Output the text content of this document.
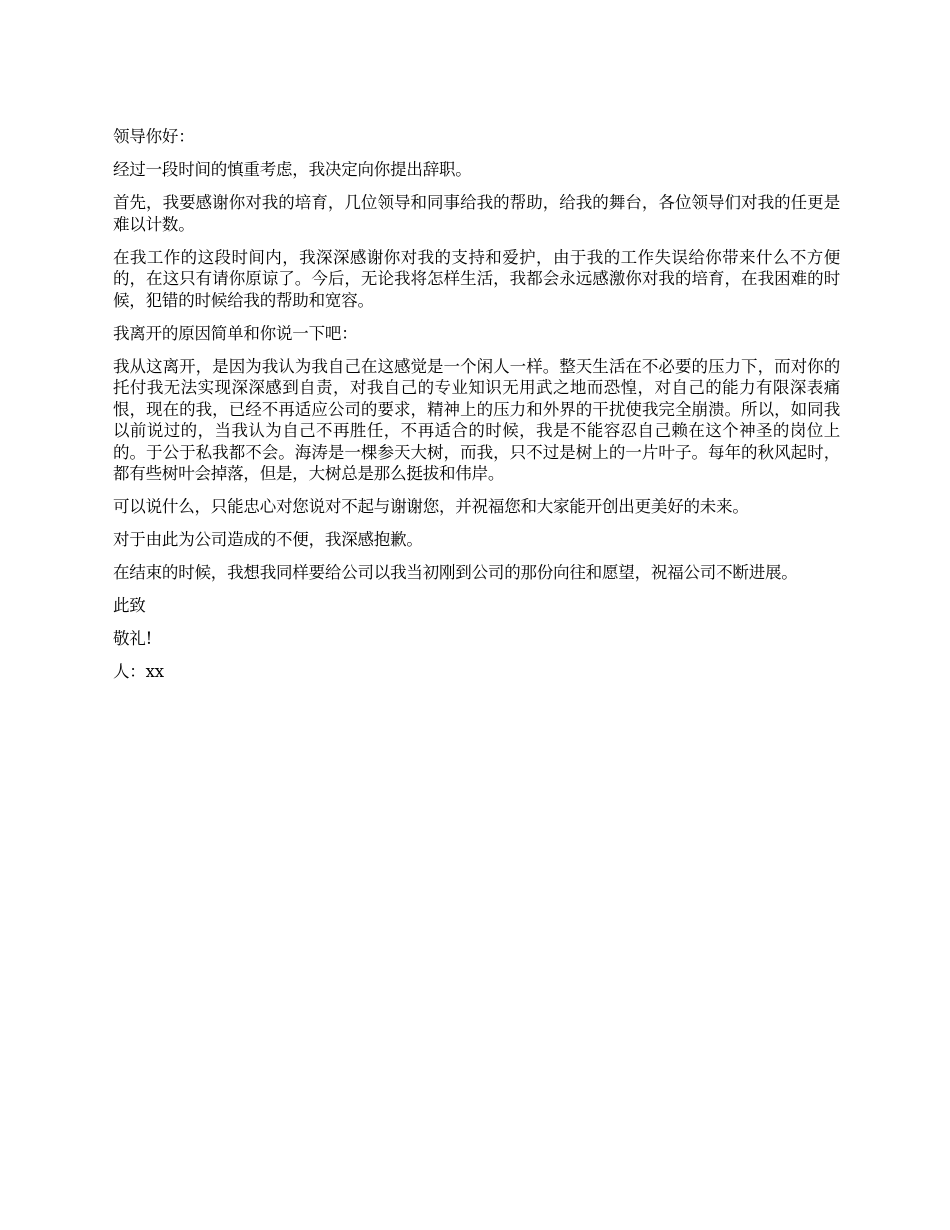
领导你好：

经过一段时间的慎重考虑，我决定向你提出辞职。

首先，我要感谢你对我的培育，几位领导和同事给我的帮助，给我的舞台，各位领导们对我的任更是难以计数。

在我工作的这段时间内，我深深感谢你对我的支持和爱护，由于我的工作失误给你带来什么不方便的，在这只有请你原谅了。今后，无论我将怎样生活，我都会永远感激你对我的培育，在我困难的时候，犯错的时候给我的帮助和宽容。

我离开的原因简单和你说一下吧：

我从这离开，是因为我认为我自己在这感觉是一个闲人一样。整天生活在不必要的压力下，而对你的托付我无法实现深深感到自责，对我自己的专业知识无用武之地而恐惶，对自己的能力有限深表痛恨，现在的我，已经不再适应公司的要求，精神上的压力和外界的干扰使我完全崩溃。所以，如同我以前说过的，当我认为自己不再胜任，不再适合的时候，我是不能容忍自己赖在这个神圣的岗位上的。于公于私我都不会。海涛是一棵参天大树，而我，只不过是树上的一片叶子。每年的秋风起时，都有些树叶会掉落，但是，大树总是那么挺拔和伟岸。

可以说什么，只能忠心对您说对不起与谢谢您，并祝福您和大家能开创出更美好的未来。

对于由此为公司造成的不便，我深感抱歉。

在结束的时候，我想我同样要给公司以我当初刚到公司的那份向往和愿望，祝福公司不断进展。

此致

敬礼!

人：xx
